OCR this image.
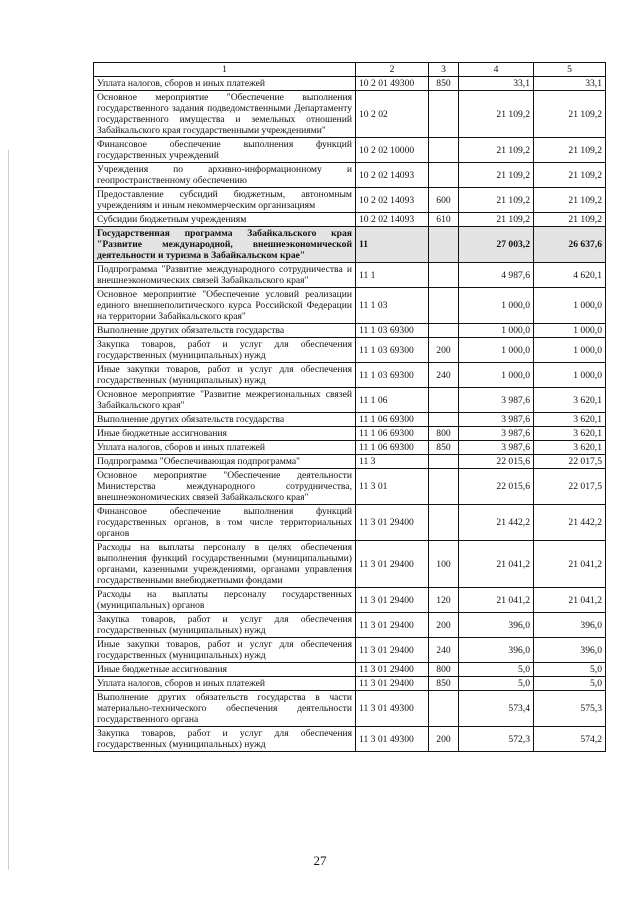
1	2	3	4	5
Уплата налогов, сборов и иных платежей	10 2 01 49300	850	33,1	33,1
Основное мероприятие "Обеспечение выполнения государственного задания подведомственными Департаменту государственного имущества и земельных отношений Забайкальского края государственными учреждениями"	10 2 02		21 109,2	21 109,2
Финансовое обеспечение выполнения функций государственных учреждений	10 2 02 10000		21 109,2	21 109,2
Учреждения по архивно-информационному и геопространственному обеспечению	10 2 02 14093		21 109,2	21 109,2
Предоставление субсидий бюджетным, автономным учреждениям и иным некоммерческим организациям	10 2 02 14093	600	21 109,2	21 109,2
Субсидии бюджетным учреждениям	10 2 02 14093	610	21 109,2	21 109,2
Государственная программа Забайкальского края "Развитие международной, внешнеэкономической деятельности и туризма в Забайкальском крае"	11		27 003,2	26 637,6
Подпрограмма "Развитие международного сотрудничества и внешнеэкономических связей Забайкальского края"	11 1		4 987,6	4 620,1
Основное мероприятие "Обеспечение условий реализации единого внешнеполитического курса Российской Федерации на территории Забайкальского края"	11 1 03		1 000,0	1 000,0
Выполнение других обязательств государства	11 1 03 69300		1 000,0	1 000,0
Закупка товаров, работ и услуг для обеспечения государственных (муниципальных) нужд	11 1 03 69300	200	1 000,0	1 000,0
Иные закупки товаров, работ и услуг для обеспечения государственных (муниципальных) нужд	11 1 03 69300	240	1 000,0	1 000,0
Основное мероприятие "Развитие межрегиональных связей Забайкальского края"	11 1 06		3 987,6	3 620,1
Выполнение других обязательств государства	11 1 06 69300		3 987,6	3 620,1
Иные бюджетные ассигнования	11 1 06 69300	800	3 987,6	3 620,1
Уплата налогов, сборов и иных платежей	11 1 06 69300	850	3 987,6	3 620,1
Подпрограмма "Обеспечивающая подпрограмма"	11 3		22 015,6	22 017,5
Основное мероприятие "Обеспечение деятельности Министерства международного сотрудничества, внешнеэкономических связей Забайкальского края"	11 3 01		22 015,6	22 017,5
Финансовое обеспечение выполнения функций государственных органов, в том числе территориальных органов	11 3 01 29400		21 442,2	21 442,2
Расходы на выплаты персоналу в целях обеспечения выполнения функций государственными (муниципальными) органами, казенными учреждениями, органами управления государственными внебюджетными фондами	11 3 01 29400	100	21 041,2	21 041,2
Расходы на выплаты персоналу государственных (муниципальных) органов	11 3 01 29400	120	21 041,2	21 041,2
Закупка товаров, работ и услуг для обеспечения государственных (муниципальных) нужд	11 3 01 29400	200	396,0	396,0
Иные закупки товаров, работ и услуг для обеспечения государственных (муниципальных) нужд	11 3 01 29400	240	396,0	396,0
Иные бюджетные ассигнования	11 3 01 29400	800	5,0	5,0
Уплата налогов, сборов и иных платежей	11 3 01 29400	850	5,0	5,0
Выполнение других обязательств государства в части материально-технического обеспечения деятельности государственного органа	11 3 01 49300		573,4	575,3
Закупка товаров, работ и услуг для обеспечения государственных (муниципальных) нужд	11 3 01 49300	200	572,3	574,2
27
